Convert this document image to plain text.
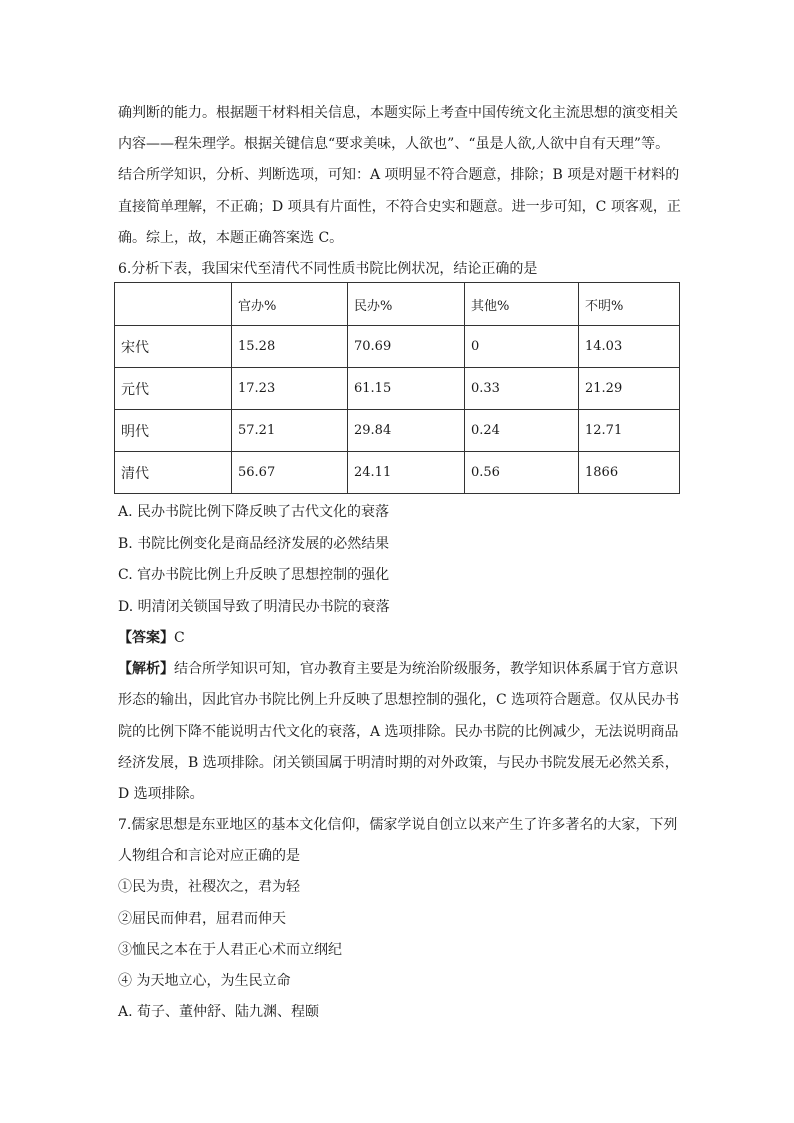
确判断的能力。根据题干材料相关信息，本题实际上考查中国传统文化主流思想的演变相关
内容——程朱理学。根据关键信息“要求美味，人欲也”、“虽是人欲,人欲中自有天理”等。
结合所学知识，分析、判断选项，可知：A 项明显不符合题意，排除；B 项是对题干材料的
直接简单理解，不正确；D 项具有片面性，不符合史实和题意。进一步可知，C 项客观，正
确。综上，故，本题正确答案选 C。
6.分析下表，我国宋代至清代不同性质书院比例状况，结论正确的是
	官办%	民办%	其他%	不明%
宋代	15.28	70.69	0	14.03
元代	17.23	61.15	0.33	21.29
明代	57.21	29.84	0.24	12.71
清代	56.67	24.11	0.56	1866
A. 民办书院比例下降反映了古代文化的衰落
B. 书院比例变化是商品经济发展的必然结果
C. 官办书院比例上升反映了思想控制的强化
D. 明清闭关锁国导致了明清民办书院的衰落
【答案】C
【解析】结合所学知识可知，官办教育主要是为统治阶级服务，教学知识体系属于官方意识
形态的输出，因此官办书院比例上升反映了思想控制的强化，C 选项符合题意。仅从民办书
院的比例下降不能说明古代文化的衰落，A 选项排除。民办书院的比例减少，无法说明商品
经济发展，B 选项排除。闭关锁国属于明清时期的对外政策，与民办书院发展无必然关系，
D 选项排除。
7.儒家思想是东亚地区的基本文化信仰，儒家学说自创立以来产生了许多著名的大家，下列
人物组合和言论对应正确的是
①民为贵，社稷次之，君为轻
②屈民而伸君，屈君而伸天
③恤民之本在于人君正心术而立纲纪
④ 为天地立心，为生民立命
A. 荀子、董仲舒、陆九渊、程颐
